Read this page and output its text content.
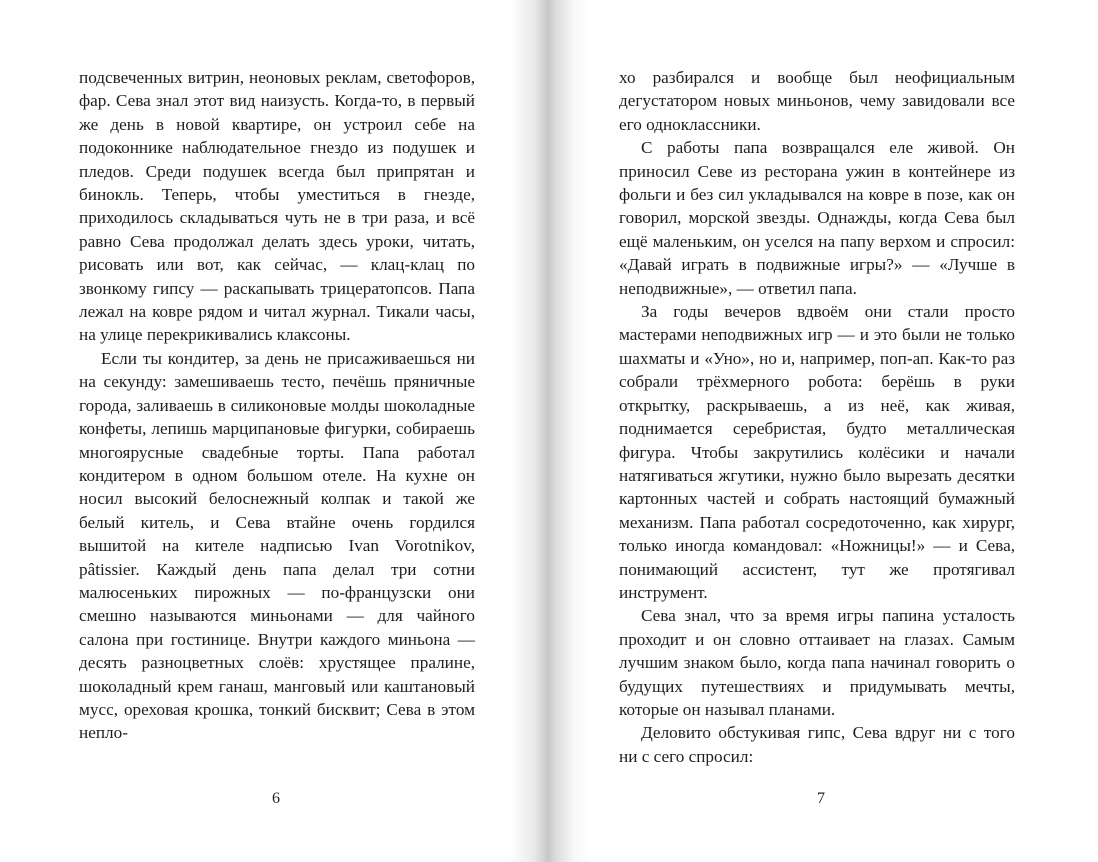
подсвеченных витрин, неоновых реклам, светофоров, фар. Сева знал этот вид наизусть. Когда-то, в первый же день в новой квартире, он устроил себе на подоконнике наблюдательное гнездо из подушек и пледов. Среди подушек всегда был припрятан и бинокль. Теперь, чтобы уместиться в гнезде, приходилось складываться чуть не в три раза, и всё равно Сева продолжал делать здесь уроки, читать, рисовать или вот, как сейчас, — клац-клац по звонкому гипсу — раскапывать трицератопсов. Папа лежал на ковре рядом и читал журнал. Тикали часы, на улице перекрикивались клаксоны.

Если ты кондитер, за день не присаживаешься ни на секунду: замешиваешь тесто, печёшь пряничные города, заливаешь в силиконовые молды шоколадные конфеты, лепишь марципановые фигурки, собираешь многоярусные свадебные торты. Папа работал кондитером в одном большом отеле. На кухне он носил высокий белоснежный колпак и такой же белый китель, и Сева втайне очень гордился вышитой на кителе надписью Ivan Vorotnikov, pâtissier. Каждый день папа делал три сотни малюсеньких пирожных — по-французски они смешно называются миньонами — для чайного салона при гостинице. Внутри каждого миньона — десять разноцветных слоёв: хрустящее пралине, шоколадный крем ганаш, манговый или каштановый мусс, ореховая крошка, тонкий бисквит; Сева в этом непло-

6

хо разбирался и вообще был неофициальным дегустатором новых миньонов, чему завидовали все его одноклассники.

С работы папа возвращался еле живой. Он приносил Севе из ресторана ужин в контейнере из фольги и без сил укладывался на ковре в позе, как он говорил, морской звезды. Однажды, когда Сева был ещё маленьким, он уселся на папу верхом и спросил: «Давай играть в подвижные игры?» — «Лучше в неподвижные», — ответил папа.

За годы вечеров вдвоём они стали просто мастерами неподвижных игр — и это были не только шахматы и «Уно», но и, например, поп-ап. Как-то раз собрали трёхмерного робота: берёшь в руки открытку, раскрываешь, а из неё, как живая, поднимается серебристая, будто металлическая фигура. Чтобы закрутились колёсики и начали натягиваться жгутики, нужно было вырезать десятки картонных частей и собрать настоящий бумажный механизм. Папа работал сосредоточенно, как хирург, только иногда командовал: «Ножницы!» — и Сева, понимающий ассистент, тут же протягивал инструмент.

Сева знал, что за время игры папина усталость проходит и он словно оттаивает на глазах. Самым лучшим знаком было, когда папа начинал говорить о будущих путешествиях и придумывать мечты, которые он называл планами.

Деловито обстукивая гипс, Сева вдруг ни с того ни с сего спросил:

7
